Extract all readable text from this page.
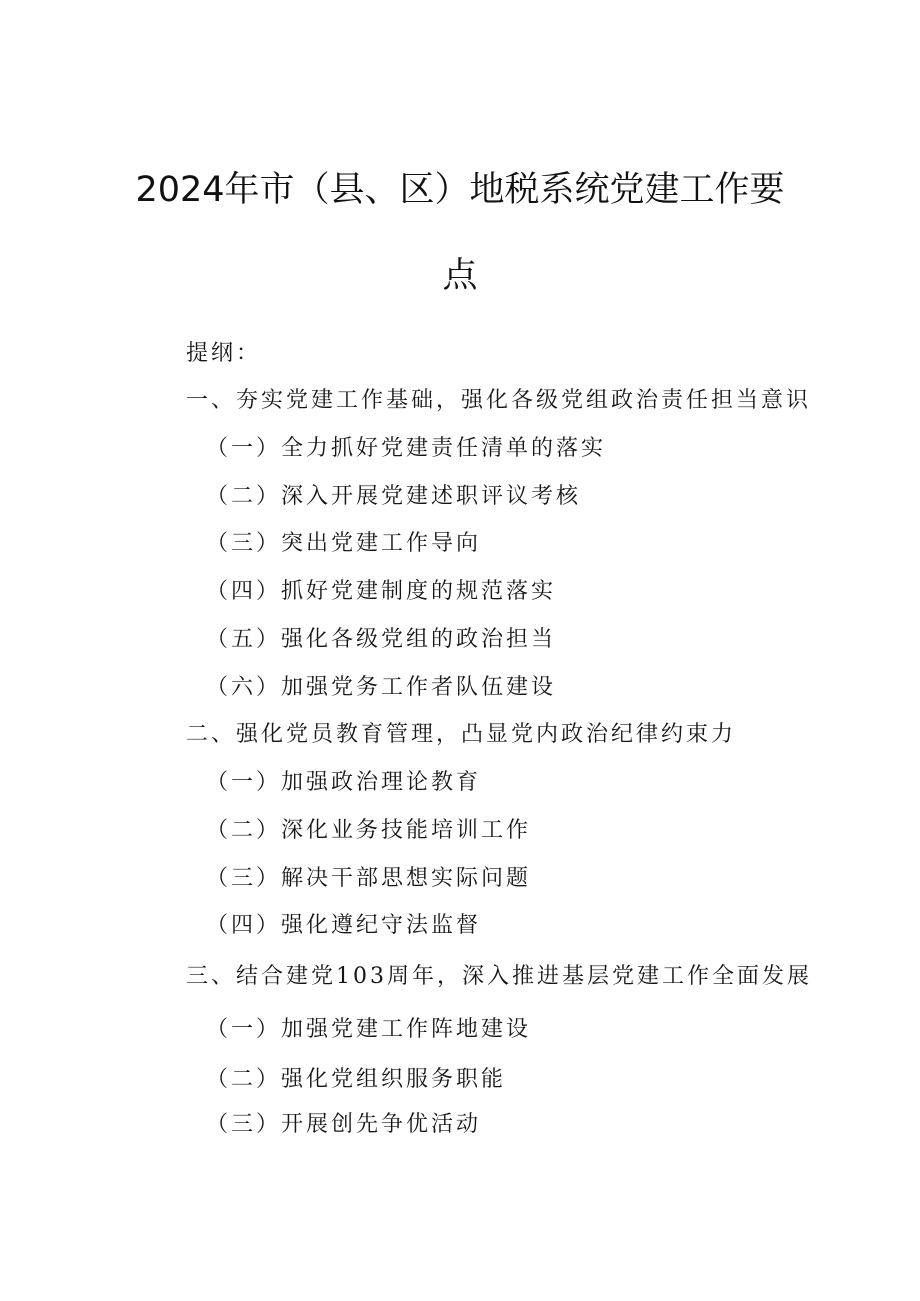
2024年市（县、区）地税系统党建工作要
点
提纲：
一、夯实党建工作基础，强化各级党组政治责任担当意识
（一）全力抓好党建责任清单的落实
（二）深入开展党建述职评议考核
（三）突出党建工作导向
（四）抓好党建制度的规范落实
（五）强化各级党组的政治担当
（六）加强党务工作者队伍建设
二、强化党员教育管理，凸显党内政治纪律约束力
（一）加强政治理论教育
（二）深化业务技能培训工作
（三）解决干部思想实际问题
（四）强化遵纪守法监督
三、结合建党103周年，深入推进基层党建工作全面发展
（一）加强党建工作阵地建设
（二）强化党组织服务职能
（三）开展创先争优活动
